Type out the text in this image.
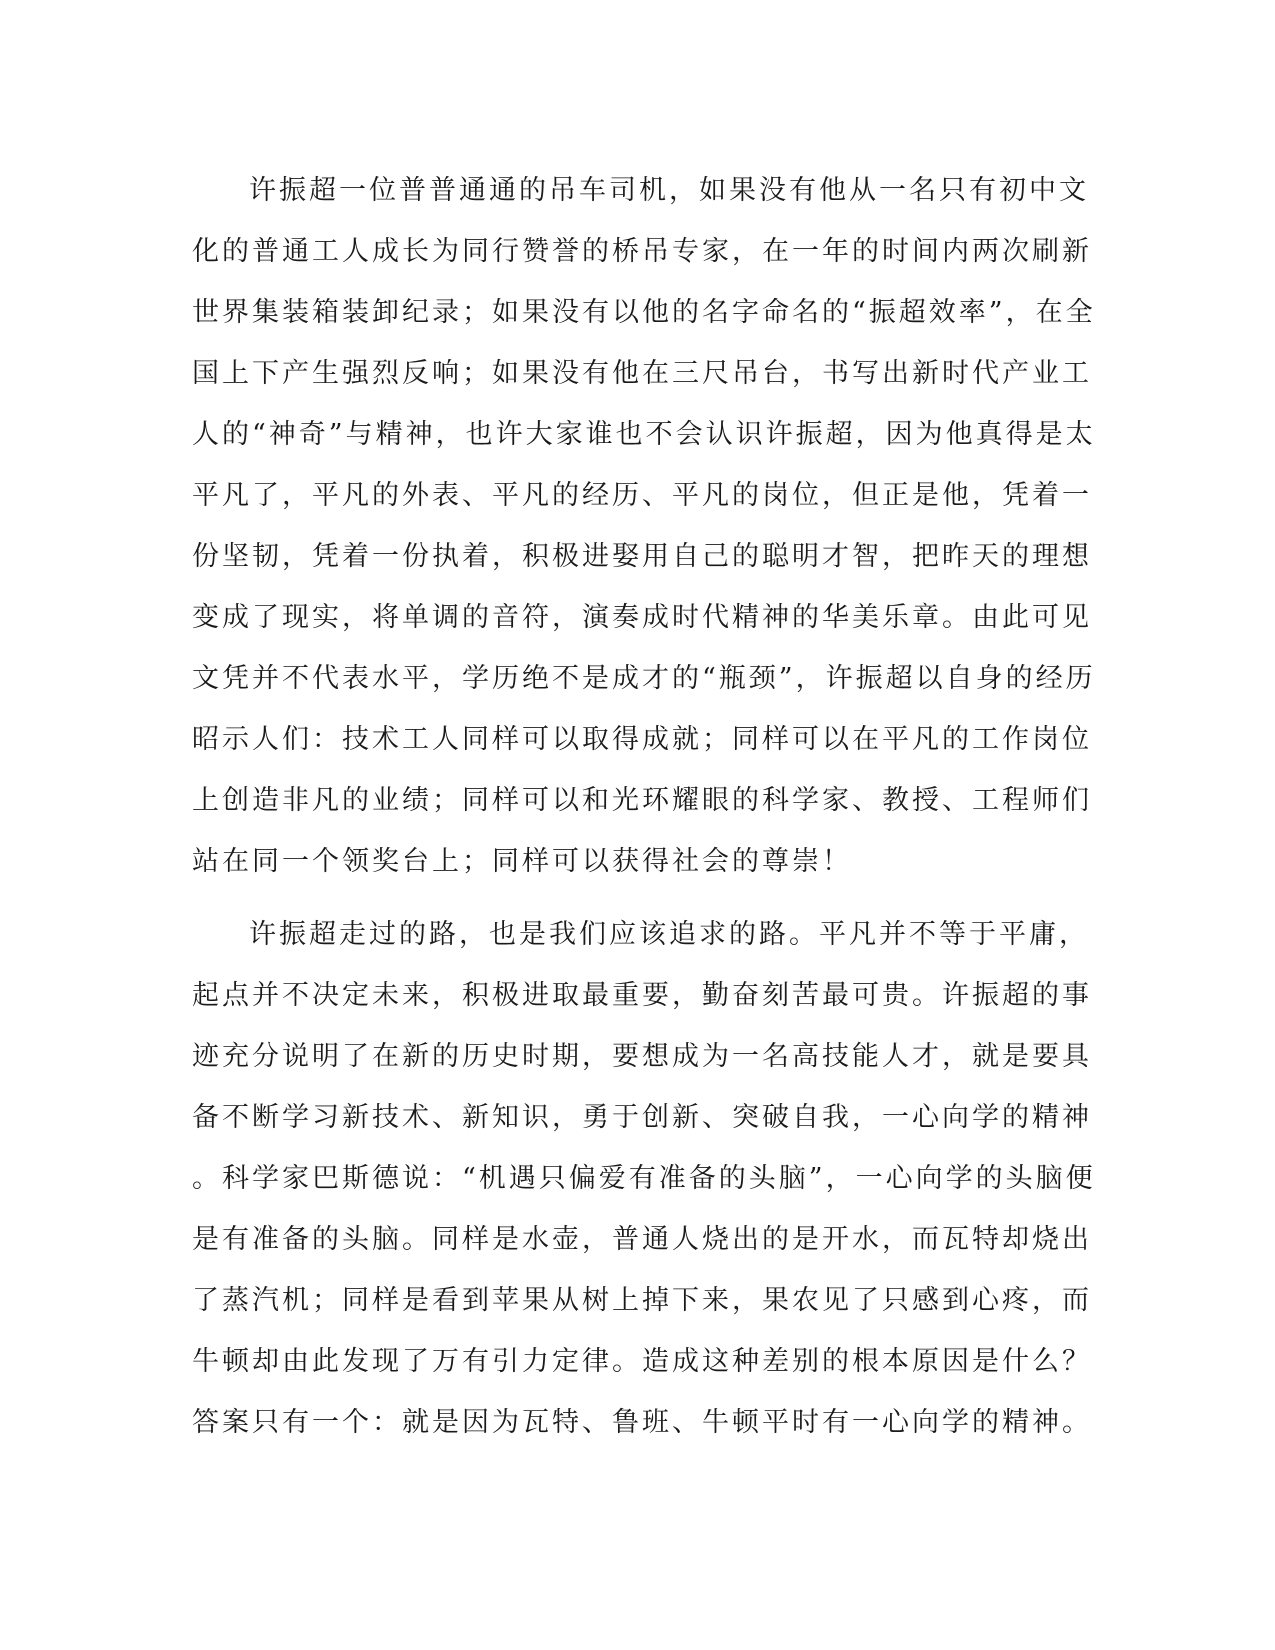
许振超一位普普通通的吊车司机，如果没有他从一名只有初中文
化的普通工人成长为同行赞誉的桥吊专家，在一年的时间内两次刷新
世界集装箱装卸纪录；如果没有以他的名字命名的“振超效率”，在全
国上下产生强烈反响；如果没有他在三尺吊台，书写出新时代产业工
人的“神奇”与精神，也许大家谁也不会认识许振超，因为他真得是太
平凡了，平凡的外表、平凡的经历、平凡的岗位，但正是他，凭着一
份坚韧，凭着一份执着，积极进娶用自己的聪明才智，把昨天的理想
变成了现实，将单调的音符，演奏成时代精神的华美乐章。由此可见
文凭并不代表水平，学历绝不是成才的“瓶颈”，许振超以自身的经历
昭示人们：技术工人同样可以取得成就；同样可以在平凡的工作岗位
上创造非凡的业绩；同样可以和光环耀眼的科学家、教授、工程师们
站在同一个领奖台上；同样可以获得社会的尊崇！
许振超走过的路，也是我们应该追求的路。平凡并不等于平庸，
起点并不决定未来，积极进取最重要，勤奋刻苦最可贵。许振超的事
迹充分说明了在新的历史时期，要想成为一名高技能人才，就是要具
备不断学习新技术、新知识，勇于创新、突破自我，一心向学的精神
。科学家巴斯德说：“机遇只偏爱有准备的头脑”，一心向学的头脑便
是有准备的头脑。同样是水壶，普通人烧出的是开水，而瓦特却烧出
了蒸汽机；同样是看到苹果从树上掉下来，果农见了只感到心疼，而
牛顿却由此发现了万有引力定律。造成这种差别的根本原因是什么？
答案只有一个：就是因为瓦特、鲁班、牛顿平时有一心向学的精神。
